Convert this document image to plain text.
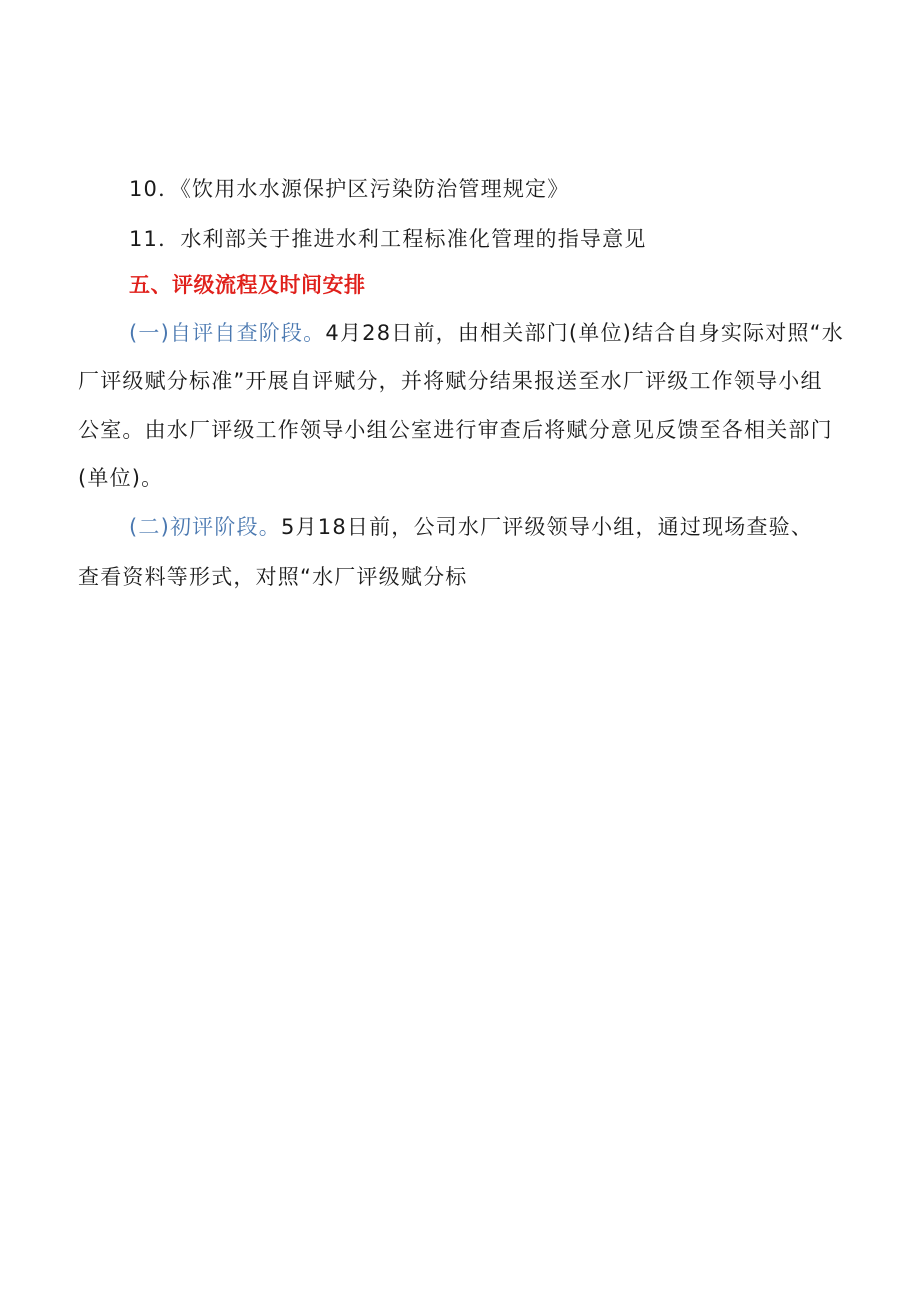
10．《饮用水水源保护区污染防治管理规定》
11．水利部关于推进水利工程标准化管理的指导意见
五、评级流程及时间安排
(一)自评自查阶段。4月28日前，由相关部门(单位)结合自身实际对照“水
厂评级赋分标准”开展自评赋分，并将赋分结果报送至水厂评级工作领导小组
公室。由水厂评级工作领导小组公室进行审查后将赋分意见反馈至各相关部门
(单位)。
(二)初评阶段。5月18日前，公司水厂评级领导小组，通过现场查验、
查看资料等形式，对照“水厂评级赋分标
